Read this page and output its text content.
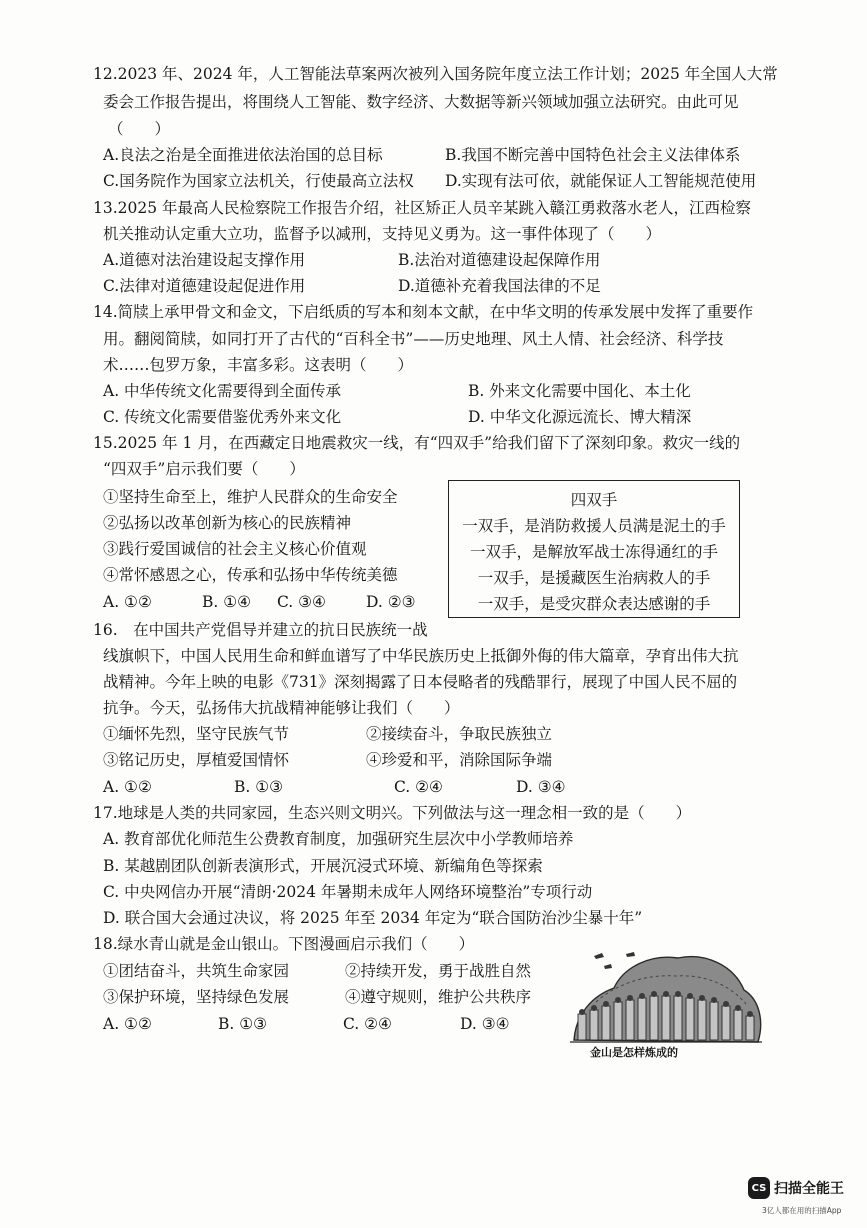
12.2023 年、2024 年，人工智能法草案两次被列入国务院年度立法工作计划；2025 年全国人大常
委会工作报告提出，将围绕人工智能、数字经济、大数据等新兴领域加强立法研究。由此可见
（　　）
A.良法之治是全面推进依法治国的总目标	B.我国不断完善中国特色社会主义法律体系
C.国务院作为国家立法机关，行使最高立法权 D.实现有法可依，就能保证人工智能规范使用
13.2025 年最高人民检察院工作报告介绍，社区矫正人员辛某跳入赣江勇救落水老人，江西检察
机关推动认定重大立功，监督予以减刑，支持见义勇为。这一事件体现了（　　）
A.道德对法治建设起支撑作用	B.法治对道德建设起保障作用
C.法律对道德建设起促进作用	D.道德补充着我国法律的不足
14.简牍上承甲骨文和金文，下启纸质的写本和刻本文献，在中华文明的传承发展中发挥了重要作
用。翻阅简牍，如同打开了古代的“百科全书”——历史地理、风土人情、社会经济、科学技
术……包罗万象，丰富多彩。这表明（　　）
A. 中华传统文化需要得到全面传承	B. 外来文化需要中国化、本土化
C. 传统文化需要借鉴优秀外来文化	D. 中华文化源远流长、博大精深
15.2025 年 1 月，在西藏定日地震救灾一线，有“四双手”给我们留下了深刻印象。救灾一线的
“四双手”启示我们要（　　）
①坚持生命至上，维护人民群众的生命安全
②弘扬以改革创新为核心的民族精神
③践行爱国诚信的社会主义核心价值观
④常怀感恩之心，传承和弘扬中华传统美德
A. ①②	B. ①④ C. ③④	D. ②③
四双手
一双手，是消防救援人员满是泥土的手
一双手，是解放军战士冻得通红的手
一双手，是援藏医生治病救人的手
一双手，是受灾群众表达感谢的手
16.　在中国共产党倡导并建立的抗日民族统一战
线旗帜下，中国人民用生命和鲜血谱写了中华民族历史上抵御外侮的伟大篇章，孕育出伟大抗
战精神。今年上映的电影《731》深刻揭露了日本侵略者的残酷罪行，展现了中国人民不屈的
抗争。今天，弘扬伟大抗战精神能够让我们（　　）
①缅怀先烈，坚守民族气节	②接续奋斗，争取民族独立
③铭记历史，厚植爱国情怀	④珍爱和平，消除国际争端
A. ①②	B. ①③	C. ②④	D. ③④
17.地球是人类的共同家园，生态兴则文明兴。下列做法与这一理念相一致的是（　　）
A. 教育部优化师范生公费教育制度，加强研究生层次中小学教师培养
B. 某越剧团队创新表演形式，开展沉浸式环境、新编角色等探索
C. 中央网信办开展“清朗·2024 年暑期未成年人网络环境整治”专项行动
D. 联合国大会通过决议，将 2025 年至 2034 年定为“联合国防治沙尘暴十年”
18.绿水青山就是金山银山。下图漫画启示我们（　　）
①团结奋斗，共筑生命家园	②持续开发，勇于战胜自然
③保护环境，坚持绿色发展	④遵守规则，维护公共秩序
A. ①②	B. ①③	C. ②④	D. ③④
金山是怎样炼成的
CS 扫描全能王
3亿人都在用的扫描App
